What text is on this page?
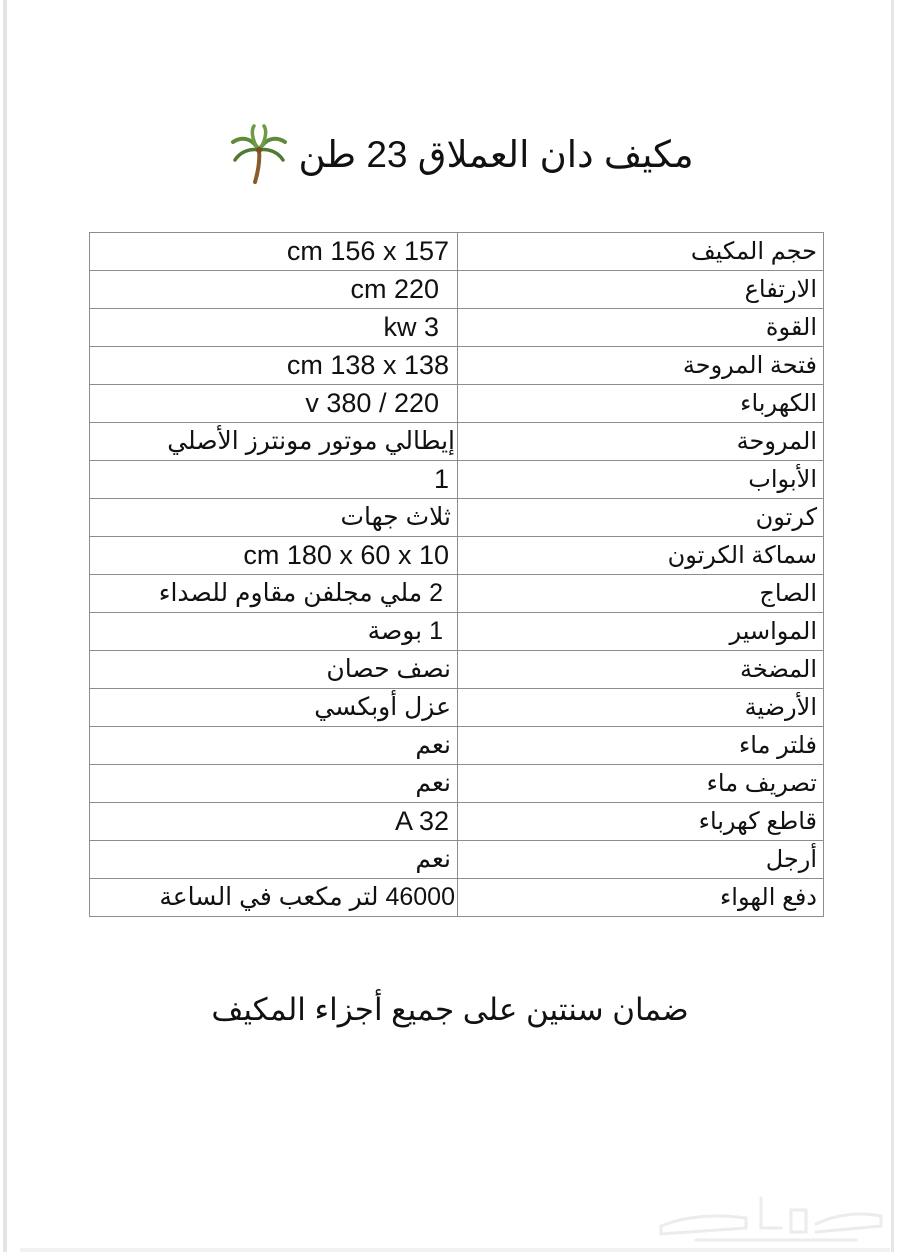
مكيف دان العملاق 23 طن
حجم المكيف	cm 156 x 157
الارتفاع	cm 220
القوة	kw 3
فتحة المروحة	cm 138 x 138
الكهرباء	v 380 / 220
المروحة	إيطالي موتور مونترز الأصلي
الأبواب	1
كرتون	ثلاث جهات
سماكة الكرتون	cm 180 x 60 x 10
الصاج	2 ملي مجلفن مقاوم للصداء
المواسير	1 بوصة
المضخة	نصف حصان
الأرضية	عزل أوبكسي
فلتر ماء	نعم
تصريف ماء	نعم
قاطع كهرباء	A 32
أرجل	نعم
دفع الهواء	46000 لتر مكعب في الساعة
ضمان سنتين على جميع أجزاء المكيف
